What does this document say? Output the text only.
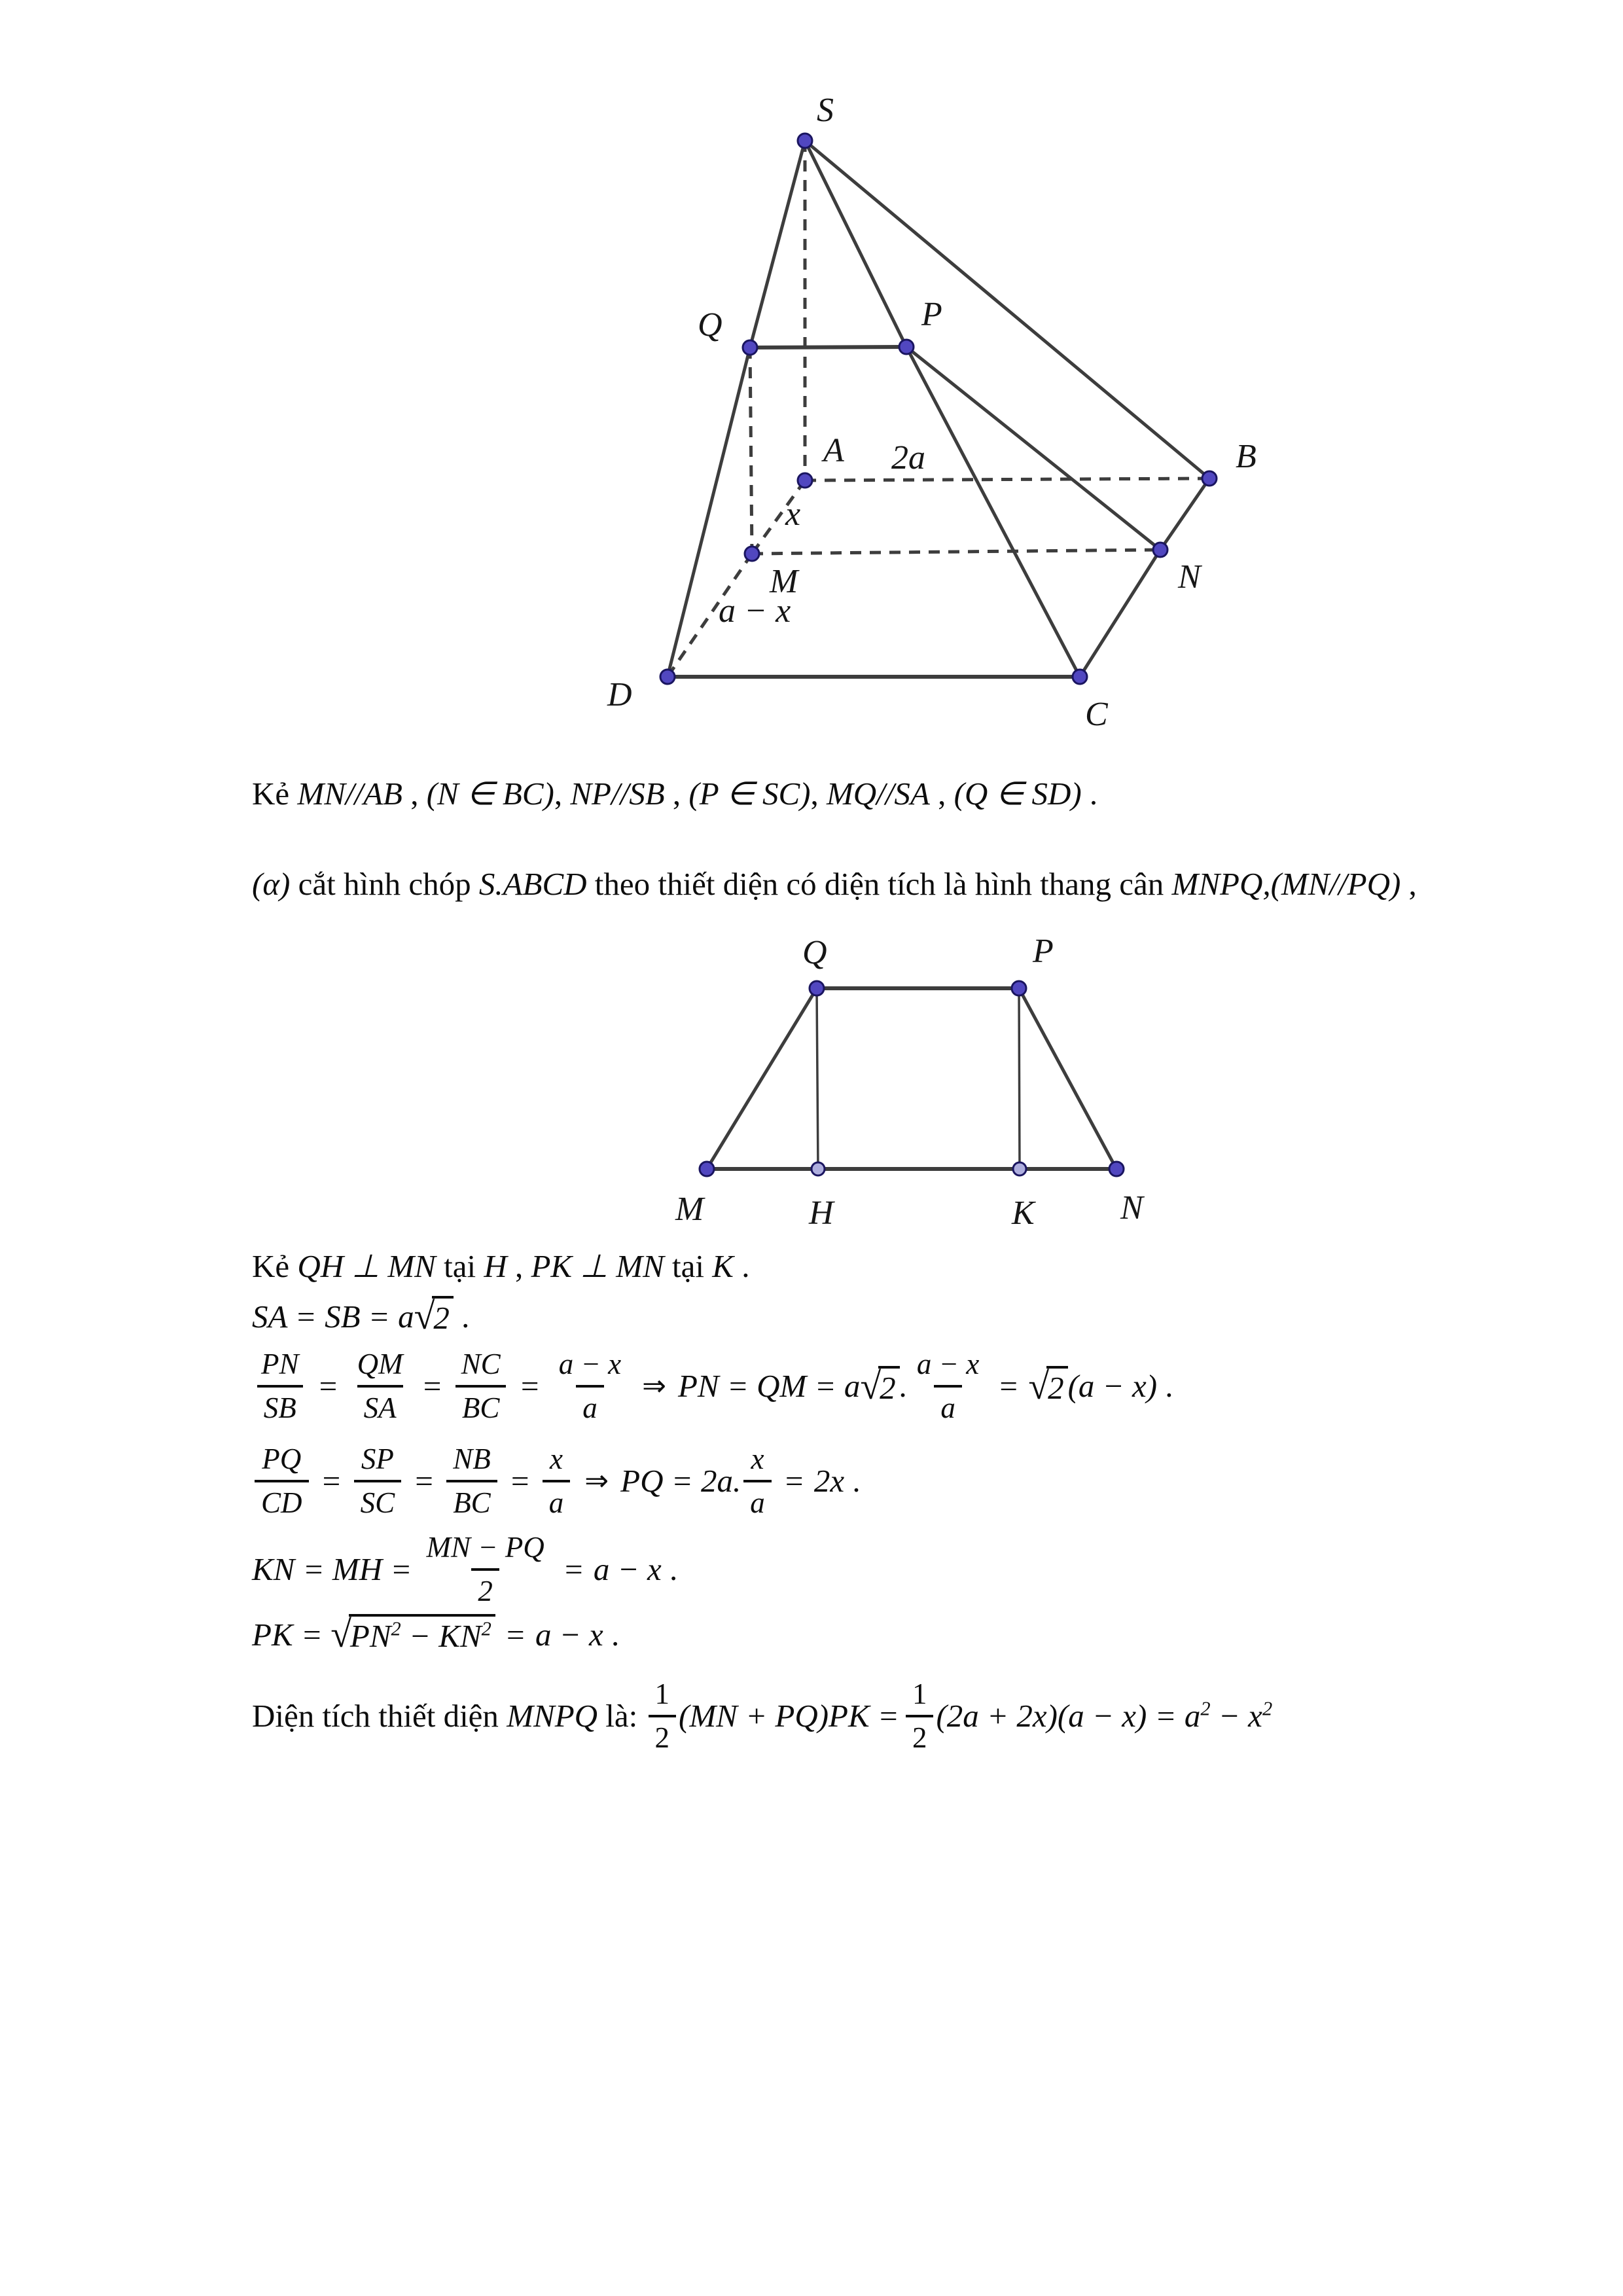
S
Q	P
A 2a	B
x
M	N
a − x
D
C
Q	P
M	H	K	N
Kẻ MN//AB , (N ∈ BC) , NP//SB , (P ∈ SC) , MQ//SA , (Q ∈ SD) .
(α) cắt hình chóp S.ABCD theo thiết diện có diện tích là hình thang cân MNPQ,(MN//PQ) ,
Kẻ QH ⊥ MN tại H , PK ⊥ MN tại K .
SA = SB = a √
2 .
$\frac{PN}{SB} = \frac{QM}{SA} = \frac{NC}{BC} = \frac{a - x}{a}$ ⇒ PN = QM = a √
2 . $\frac{a - x}{a}$ = √
2 (a − x) .
$\frac{PQ}{CD} = \frac{SP}{SC} = \frac{NB}{BC} = \frac{x}{a}$ ⇒ PQ = 2a. $\frac{x}{a} = 2x$ .
KN = MH = $\frac{MN - PQ}{2} = a - x$ .
PK = √
$PN^2 - KN^2 = a - x$ .
Diện tích thiết diện MNPQ là: $\frac{1}{2} (MN + PQ)PK = \frac{1}{2} (2a + 2x)(a - x) = a^2 - x^2$
